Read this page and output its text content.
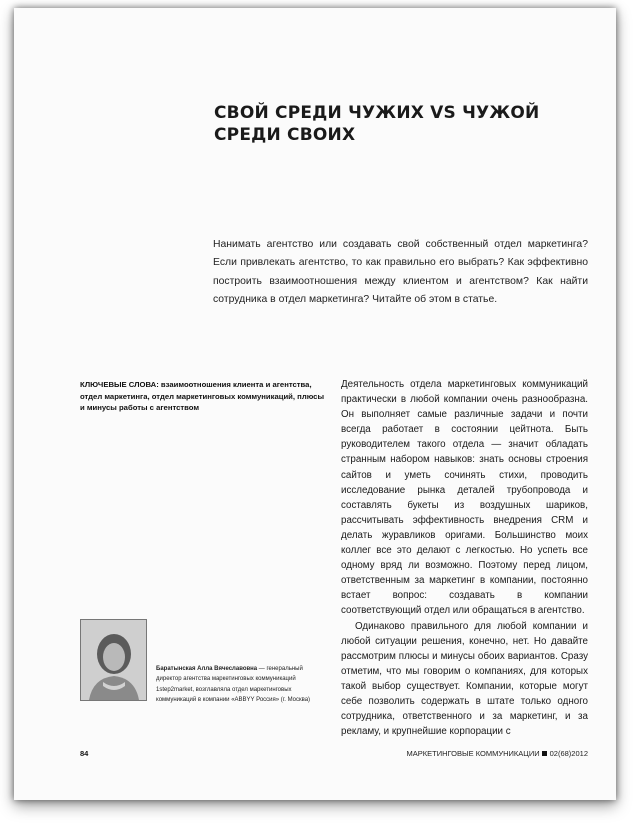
СВОЙ СРЕДИ ЧУЖИХ VS ЧУЖОЙ СРЕДИ СВОИХ

Нанимать агентство или создавать свой собственный отдел маркетинга? Если привлекать агентство, то как правильно его выбрать? Как эффективно построить взаимоотношения между клиентом и агентством? Как найти сотрудника в отдел маркетинга? Читайте об этом в статье.

КЛЮЧЕВЫЕ СЛОВА: взаимоотношения клиента и агентства, отдел маркетинга, отдел маркетинговых коммуникаций, плюсы и минусы работы с агентством

Баратынская Алла Вячеславовна — генеральный директор агентства маркетинговых коммуникаций 1step2market, возглавляла отдел маркетинговых коммуникаций в компании «ABBYY Россия» (г. Москва)

Деятельность отдела маркетинговых коммуникаций практически в любой компании очень разнообразна. Он выполняет самые различные задачи и почти всегда работает в состоянии цейтнота. Быть руководителем такого отдела — значит обладать странным набором навыков: знать основы строения сайтов и уметь сочинять стихи, проводить исследование рынка деталей трубопровода и составлять букеты из воздушных шариков, рассчитывать эффективность внедрения CRM и делать журавликов оригами. Большинство моих коллег все это делают с легкостью. Но успеть все одному вряд ли возможно. Поэтому перед лицом, ответственным за маркетинг в компании, постоянно встает вопрос: создавать в компании соответствующий отдел или обращаться в агентство.

Одинаково правильного для любой компании и любой ситуации решения, конечно, нет. Но давайте рассмотрим плюсы и минусы обоих вариантов. Сразу отметим, что мы говорим о компаниях, для которых такой выбор существует. Компании, которые могут себе позволить содержать в штате только одного сотрудника, ответственного и за маркетинг, и за рекламу, и крупнейшие корпорации с

84	МАРКЕТИНГОВЫЕ КОММУНИКАЦИИ 02(68)2012
